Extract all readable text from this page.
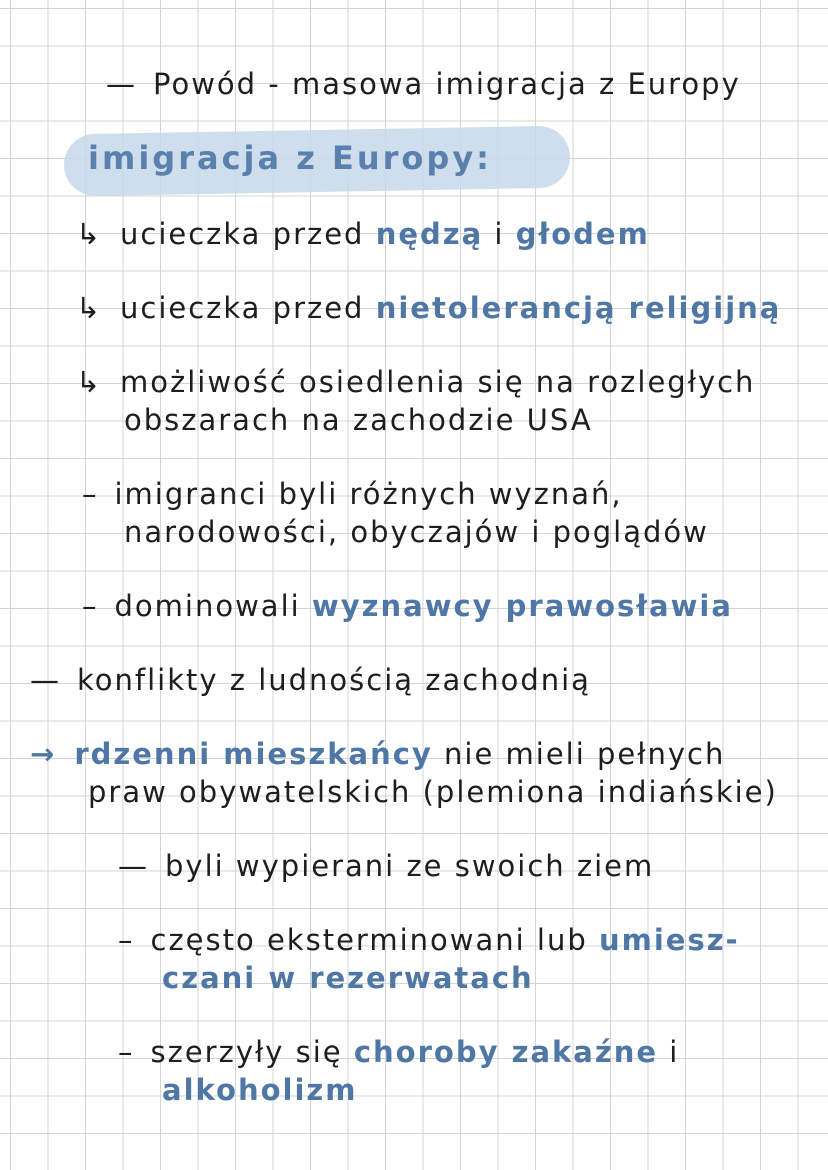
— Powód - masowa imigracja z Europy
imigracja z Europy:
↳ ucieczka przed nędzą i głodem
↳ ucieczka przed nietolerancją religijną
↳ możliwość osiedlenia się na rozległych
obszarach na zachodzie USA
– imigranci byli różnych wyznań,
narodowości, obyczajów i poglądów
– dominowali wyznawcy prawosławia
— konflikty z ludnością zachodnią
→ rdzenni mieszkańcy nie mieli pełnych
praw obywatelskich (plemiona indiańskie)
— byli wypierani ze swoich ziem
– często eksterminowani lub umiesz-
czani w rezerwatach
– szerzyły się choroby zakaźne i
alkoholizm
